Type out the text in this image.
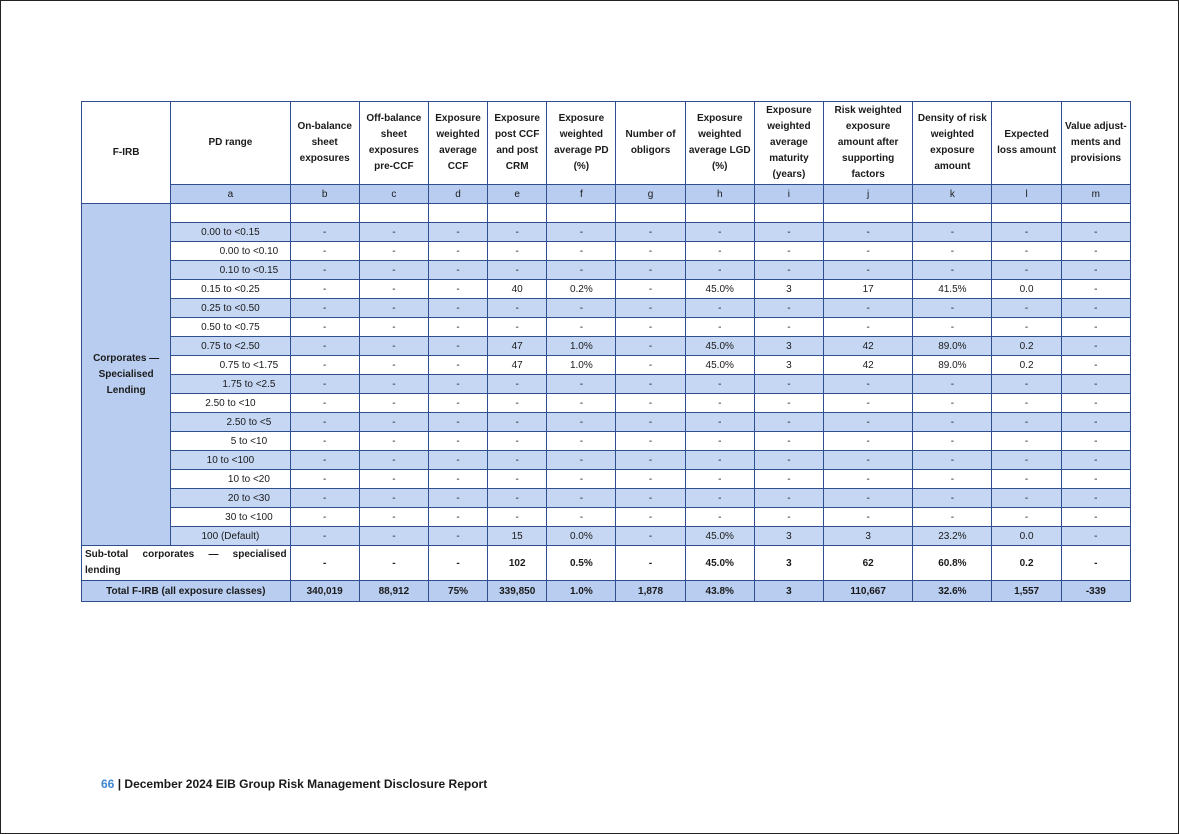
F-IRB	PD range	On-balance sheet exposures	Off-balance sheet exposures pre-CCF	Exposure weighted average CCF	Exposure post CCF and post CRM	Exposure weighted average PD (%)	Number of obligors	Exposure weighted average LGD (%)	Exposure weighted average maturity (years)	Risk weighted exposure amount after supporting factors	Density of risk weighted exposure amount	Expected loss amount	Value adjust-ments and provisions
	a	b	c	d	e	f	g	h	i	j	k	l	m
Corporates — Specialised Lending													
	0.00 to <0.15	-	-	-	-	-	-	-	-	-	-	-	-
	0.00 to <0.10	-	-	-	-	-	-	-	-	-	-	-	-
	0.10 to <0.15	-	-	-	-	-	-	-	-	-	-	-	-
	0.15 to <0.25	-	-	-	40	0.2%	-	45.0%	3	17	41.5%	0.0	-
	0.25 to <0.50	-	-	-	-	-	-	-	-	-	-	-	-
	0.50 to <0.75	-	-	-	-	-	-	-	-	-	-	-	-
	0.75 to <2.50	-	-	-	47	1.0%	-	45.0%	3	42	89.0%	0.2	-
	0.75 to <1.75	-	-	-	47	1.0%	-	45.0%	3	42	89.0%	0.2	-
	1.75 to <2.5	-	-	-	-	-	-	-	-	-	-	-	-
	2.50 to <10	-	-	-	-	-	-	-	-	-	-	-	-
	2.50 to <5	-	-	-	-	-	-	-	-	-	-	-	-
	5 to <10	-	-	-	-	-	-	-	-	-	-	-	-
	10 to <100	-	-	-	-	-	-	-	-	-	-	-	-
	10 to <20	-	-	-	-	-	-	-	-	-	-	-	-
	20 to <30	-	-	-	-	-	-	-	-	-	-	-	-
	30 to <100	-	-	-	-	-	-	-	-	-	-	-	-
	100 (Default)	-	-	-	15	0.0%	-	45.0%	3	3	23.2%	0.0	-
Sub-total corporates — specialised lending		-	-	-	102	0.5%	-	45.0%	3	62	60.8%	0.2	-
Total F-IRB (all exposure classes)		340,019	88,912	75%	339,850	1.0%	1,878	43.8%	3	110,667	32.6%	1,557	-339
66 | December 2024 EIB Group Risk Management Disclosure Report
